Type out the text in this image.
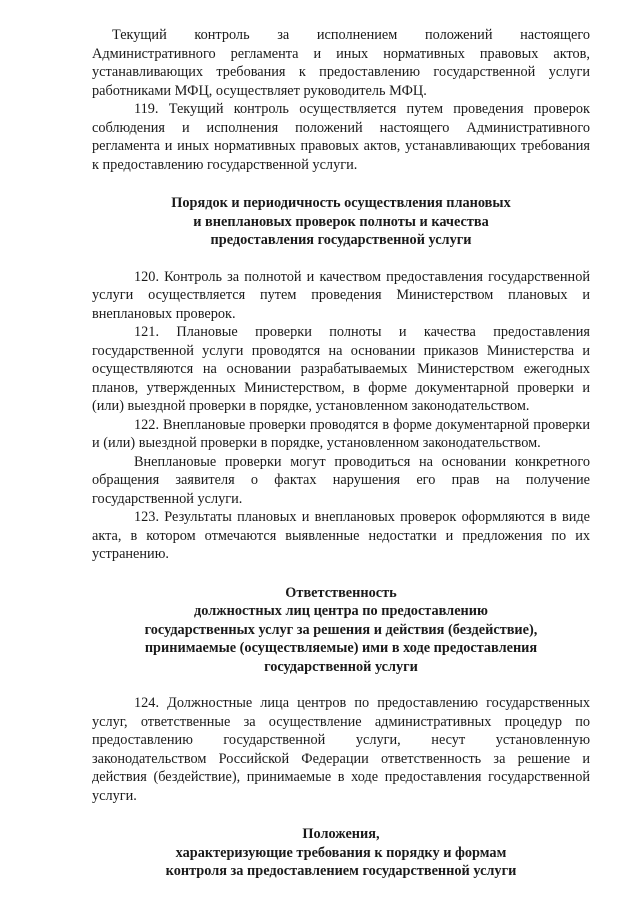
Текущий контроль за исполнением положений настоящего Административного регламента и иных нормативных правовых актов, устанавливающих требования к предоставлению государственной услуги работниками МФЦ, осуществляет руководитель МФЦ.

119. Текущий контроль осуществляется путем проведения проверок соблюдения и исполнения положений настоящего Административного регламента и иных нормативных правовых актов, устанавливающих требования к предоставлению государственной услуги.

Порядок и периодичность осуществления плановых
и внеплановых проверок полноты и качества
предоставления государственной услуги

120. Контроль за полнотой и качеством предоставления государственной услуги осуществляется путем проведения Министерством плановых и внеплановых проверок.

121. Плановые проверки полноты и качества предоставления государственной услуги проводятся на основании приказов Министерства и осуществляются на основании разрабатываемых Министерством ежегодных планов, утвержденных Министерством, в форме документарной проверки и (или) выездной проверки в порядке, установленном законодательством.

122. Внеплановые проверки проводятся в форме документарной проверки и (или) выездной проверки в порядке, установленном законодательством.

Внеплановые проверки могут проводиться на основании конкретного обращения заявителя о фактах нарушения его прав на получение государственной услуги.

123. Результаты плановых и внеплановых проверок оформляются в виде акта, в котором отмечаются выявленные недостатки и предложения по их устранению.

Ответственность
должностных лиц центра по предоставлению
государственных услуг за решения и действия (бездействие),
принимаемые (осуществляемые) ими в ходе предоставления
государственной услуги

124. Должностные лица центров по предоставлению государственных услуг, ответственные за осуществление административных процедур по предоставлению государственной услуги, несут установленную законодательством Российской Федерации ответственность за решение и действия (бездействие), принимаемые в ходе предоставления государственной услуги.

Положения,
характеризующие требования к порядку и формам
контроля за предоставлением государственной услуги
